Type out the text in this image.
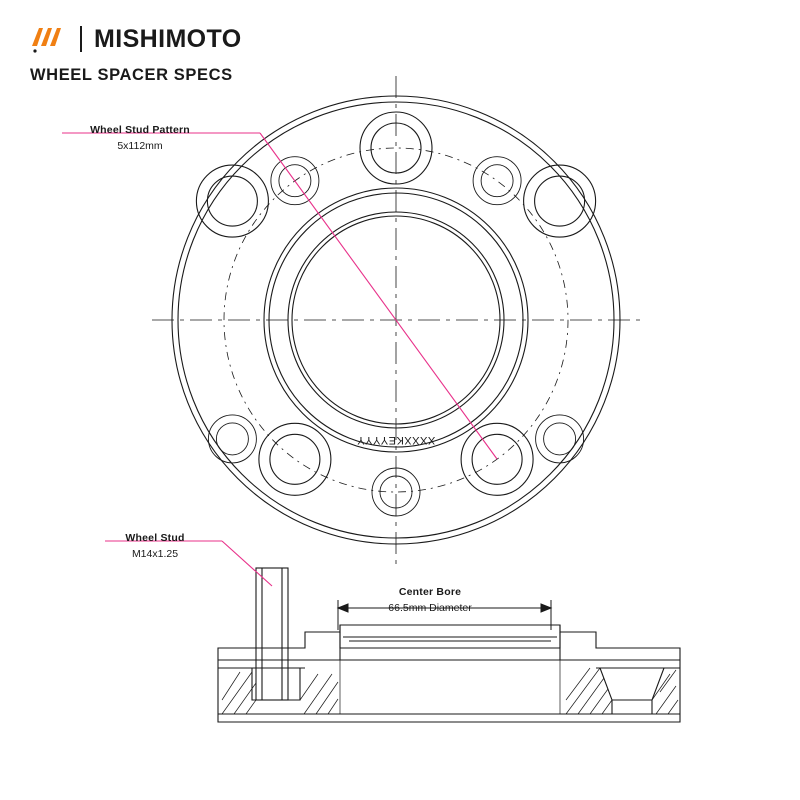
MISHIMOTO
WHEEL SPACER SPECS
XXXXKEYYYY
Wheel Stud Pattern
5x112mm
Wheel Stud
M14x1.25
Center Bore
66.5mm Diameter
